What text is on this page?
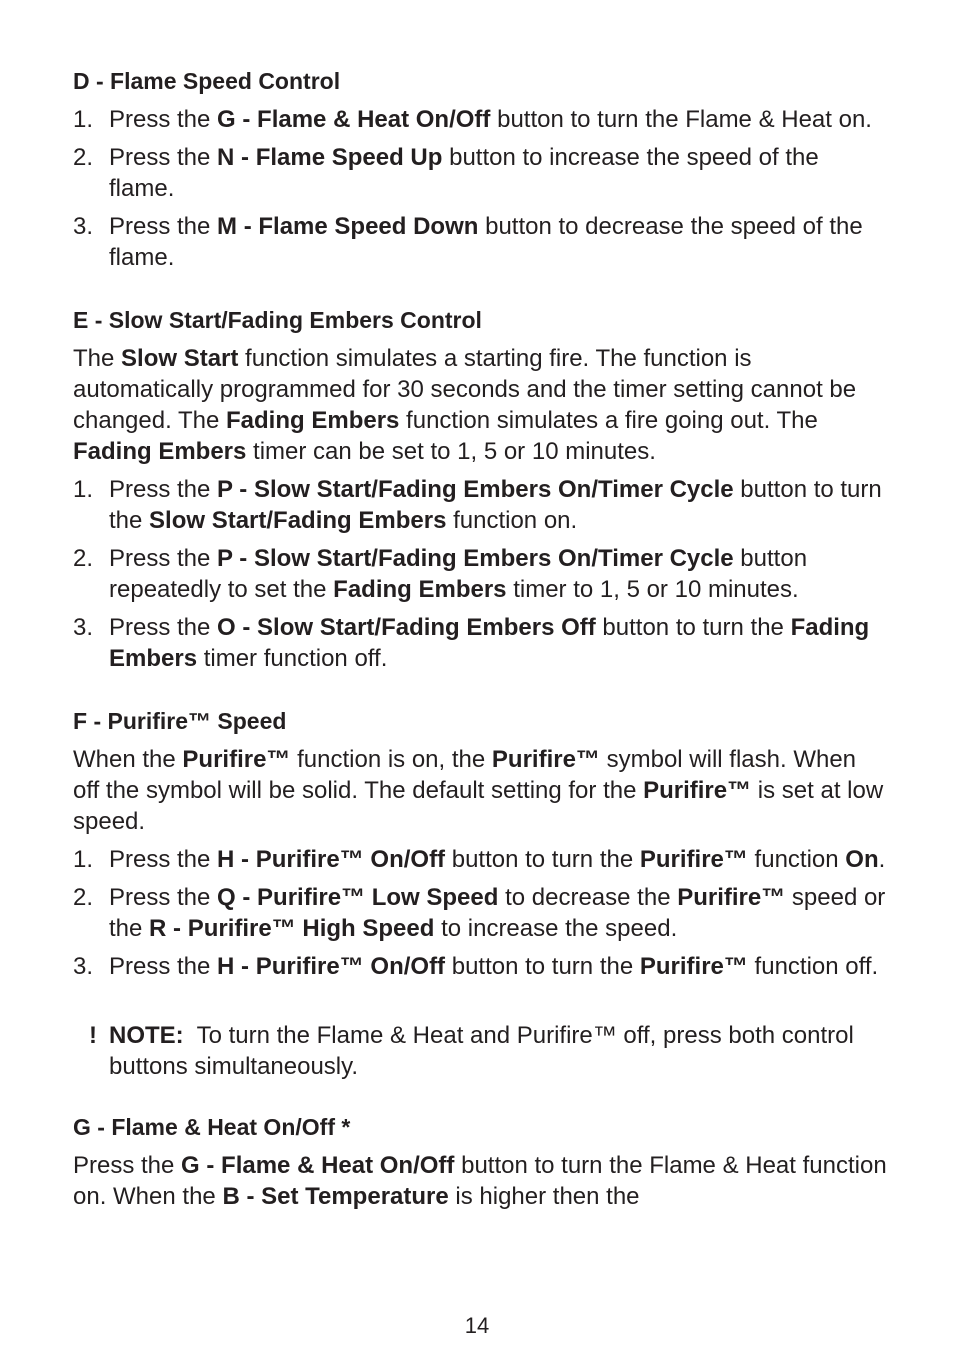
D - Flame Speed Control
1. Press the G - Flame & Heat On/Off button to turn the Flame & Heat on.
2. Press the N - Flame Speed Up button to increase the speed of the flame.
3. Press the M - Flame Speed Down button to decrease the speed of the flame.
E - Slow Start/Fading Embers Control
The Slow Start function simulates a starting fire. The function is automatically programmed for 30 seconds and the timer setting cannot be changed. The Fading Embers function simulates a fire going out. The Fading Embers timer can be set to 1, 5 or 10 minutes.
1. Press the P - Slow Start/Fading Embers On/Timer Cycle button to turn the Slow Start/Fading Embers function on.
2. Press the P - Slow Start/Fading Embers On/Timer Cycle button repeatedly to set the Fading Embers timer to 1, 5 or 10 minutes.
3. Press the O - Slow Start/Fading Embers Off button to turn the Fading Embers timer function off.
F - Purifire™ Speed
When the Purifire™ function is on, the Purifire™ symbol will flash. When off the symbol will be solid. The default setting for the Purifire™ is set at low speed.
1. Press the H - Purifire™ On/Off button to turn the Purifire™ function On.
2. Press the Q - Purifire™ Low Speed to decrease the Purifire™ speed or the R - Purifire™ High Speed to increase the speed.
3. Press the H - Purifire™ On/Off button to turn the Purifire™ function off.
! NOTE:  To turn the Flame & Heat and Purifire™ off, press both control buttons simultaneously.
G - Flame & Heat On/Off *
Press the G - Flame & Heat On/Off button to turn the Flame & Heat function on. When the B - Set Temperature is higher then the
14
